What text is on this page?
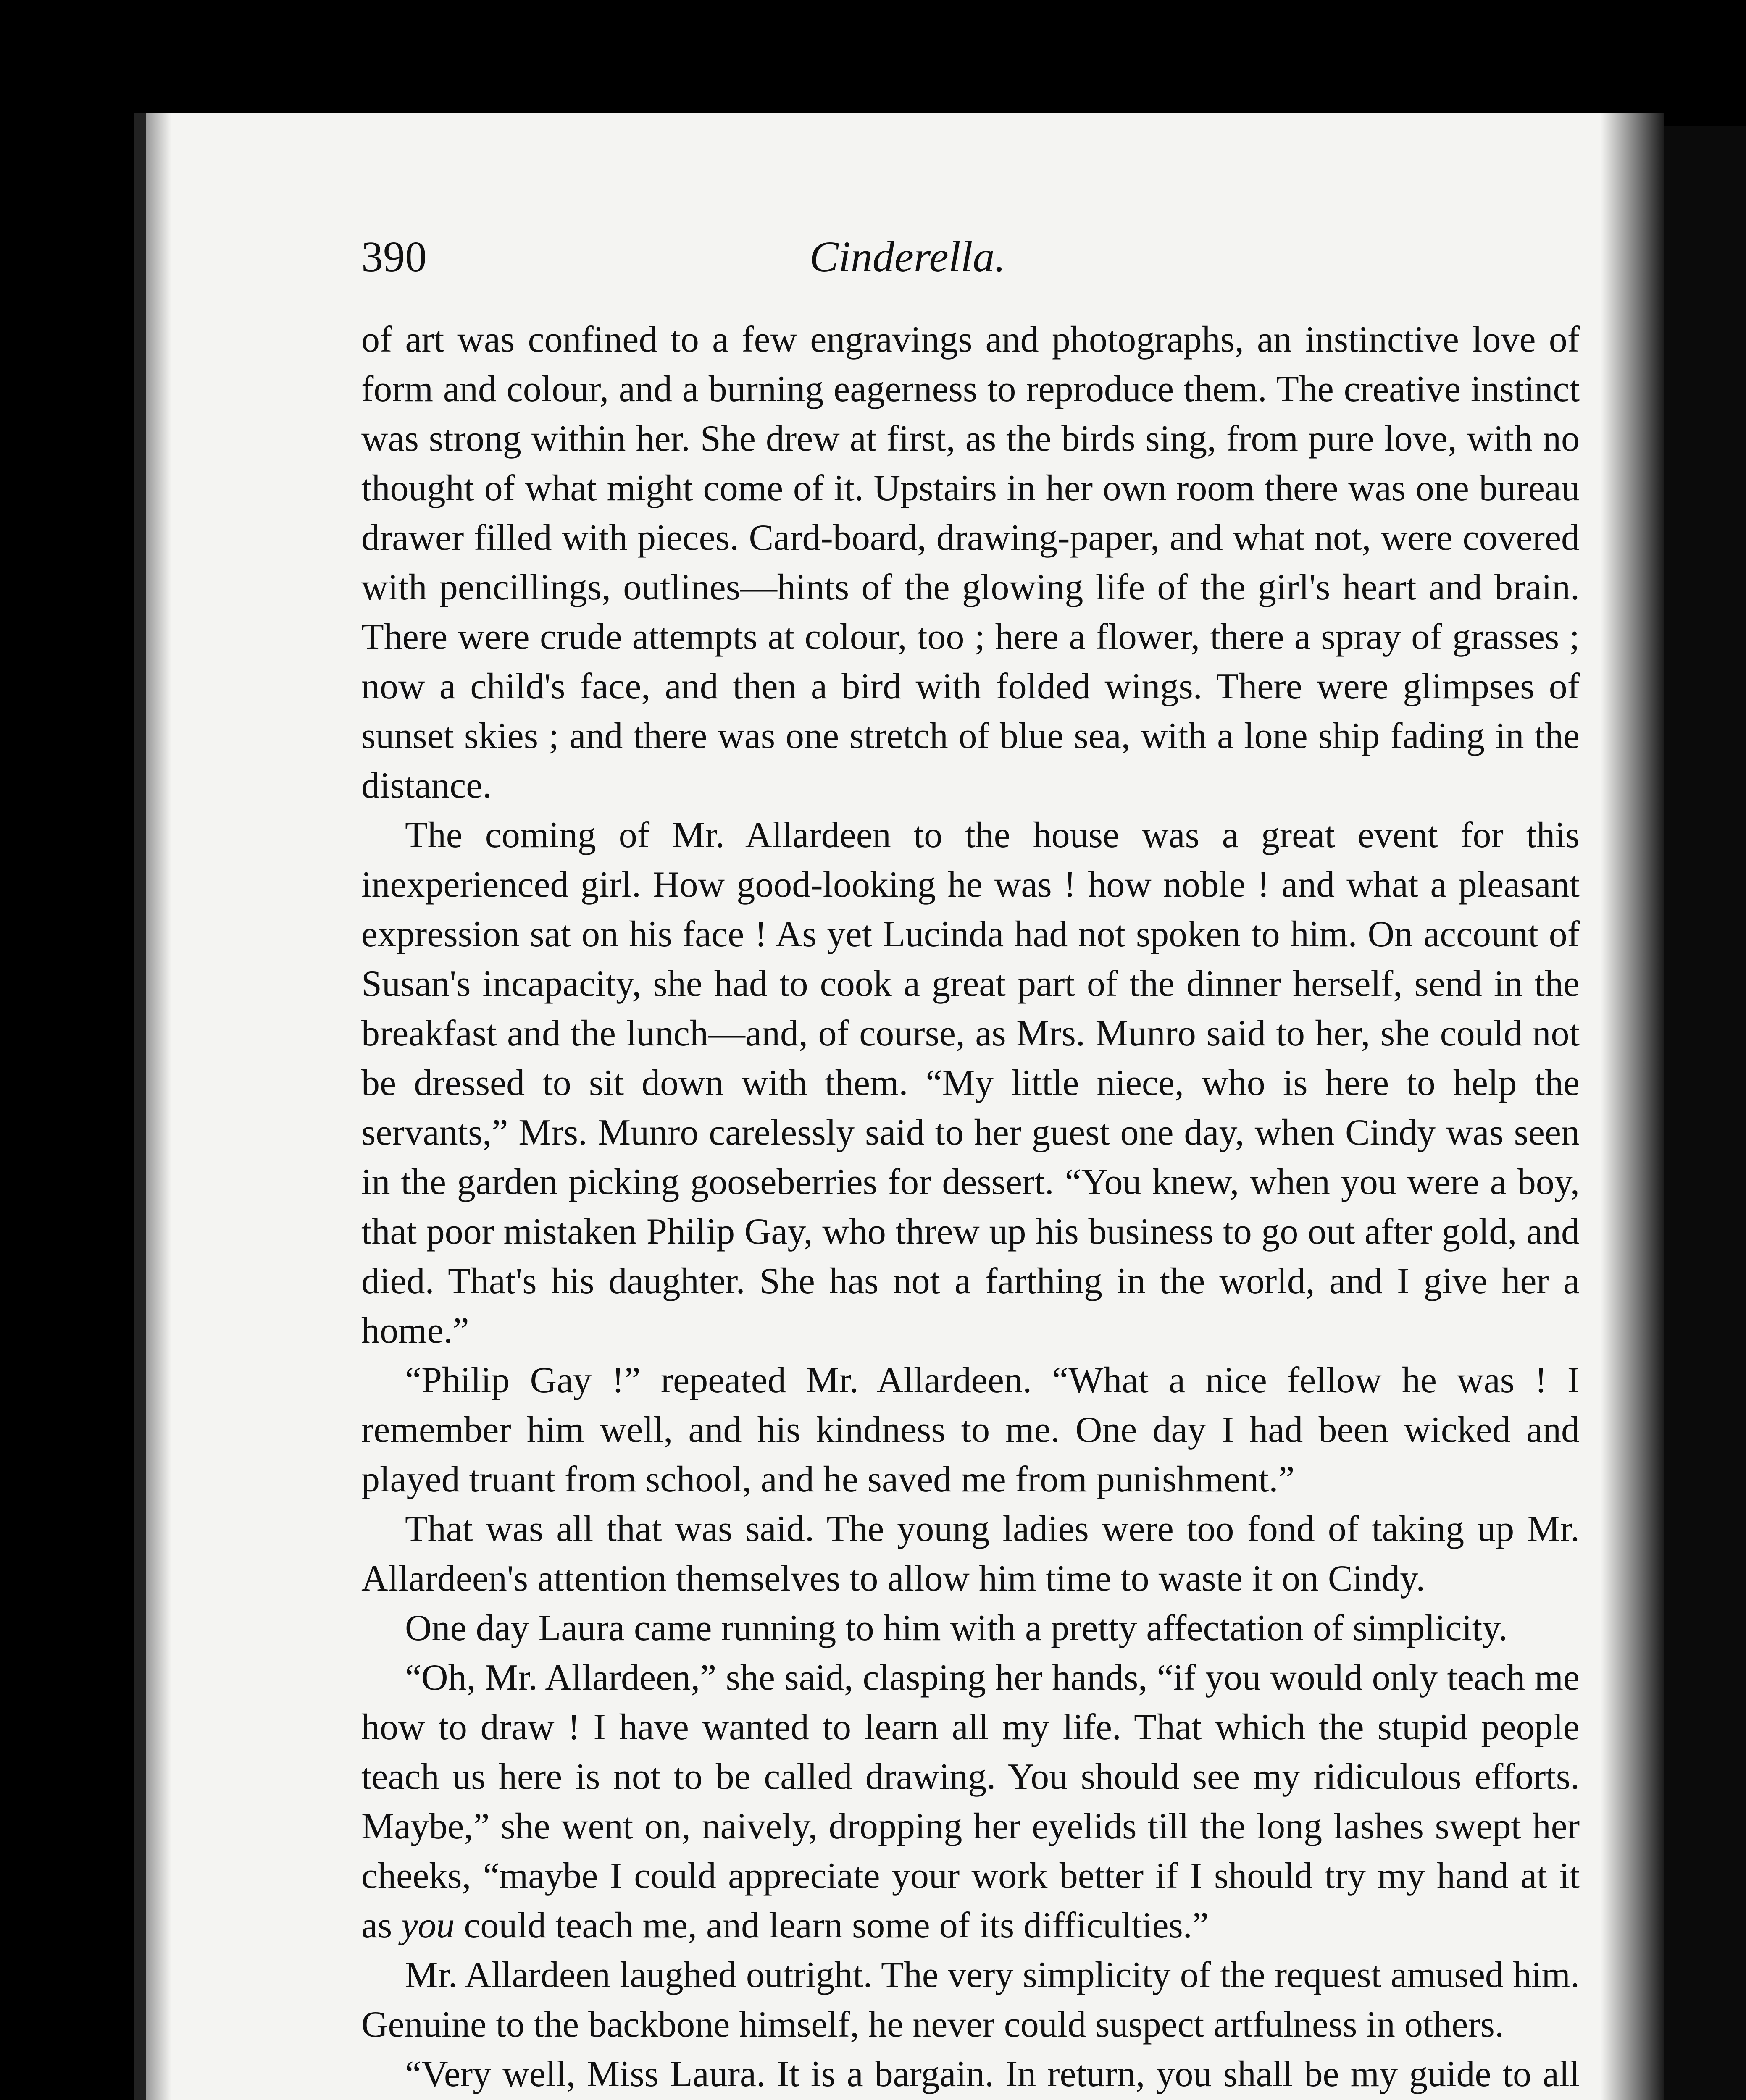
390	Cinderella.

of art was confined to a few engravings and photographs, an instinctive love of form and colour, and a burning eagerness to reproduce them. The creative instinct was strong within her. She drew at first, as the birds sing, from pure love, with no thought of what might come of it. Upstairs in her own room there was one bureau drawer filled with pieces. Card-board, drawing-paper, and what not, were covered with pencillings, outlines—hints of the glowing life of the girl's heart and brain. There were crude attempts at colour, too ; here a flower, there a spray of grasses ; now a child's face, and then a bird with folded wings. There were glimpses of sunset skies ; and there was one stretch of blue sea, with a lone ship fading in the distance.

The coming of Mr. Allardeen to the house was a great event for this inexperienced girl. How good-looking he was ! how noble ! and what a pleasant expression sat on his face ! As yet Lucinda had not spoken to him. On account of Susan's incapacity, she had to cook a great part of the dinner herself, send in the breakfast and the lunch—and, of course, as Mrs. Munro said to her, she could not be dressed to sit down with them. “My little niece, who is here to help the servants,” Mrs. Munro carelessly said to her guest one day, when Cindy was seen in the garden picking gooseberries for dessert. “You knew, when you were a boy, that poor mistaken Philip Gay, who threw up his business to go out after gold, and died. That's his daughter. She has not a farthing in the world, and I give her a home.”

“Philip Gay !” repeated Mr. Allardeen. “What a nice fellow he was ! I remember him well, and his kindness to me. One day I had been wicked and played truant from school, and he saved me from punishment.”

That was all that was said. The young ladies were too fond of taking up Mr. Allardeen's attention themselves to allow him time to waste it on Cindy.

One day Laura came running to him with a pretty affectation of simplicity.

“Oh, Mr. Allardeen,” she said, clasping her hands, “if you would only teach me how to draw ! I have wanted to learn all my life. That which the stupid people teach us here is not to be called drawing. You should see my ridiculous efforts. Maybe,” she went on, naively, dropping her eyelids till the long lashes swept her cheeks, “maybe I could appreciate your work better if I should try my hand at it as you could teach me, and learn some of its difficulties.”

Mr. Allardeen laughed outright. The very simplicity of the request amused him. Genuine to the backbone himself, he never could suspect artfulness in others.

“Very well, Miss Laura. It is a bargain. In return, you shall be my guide to all
